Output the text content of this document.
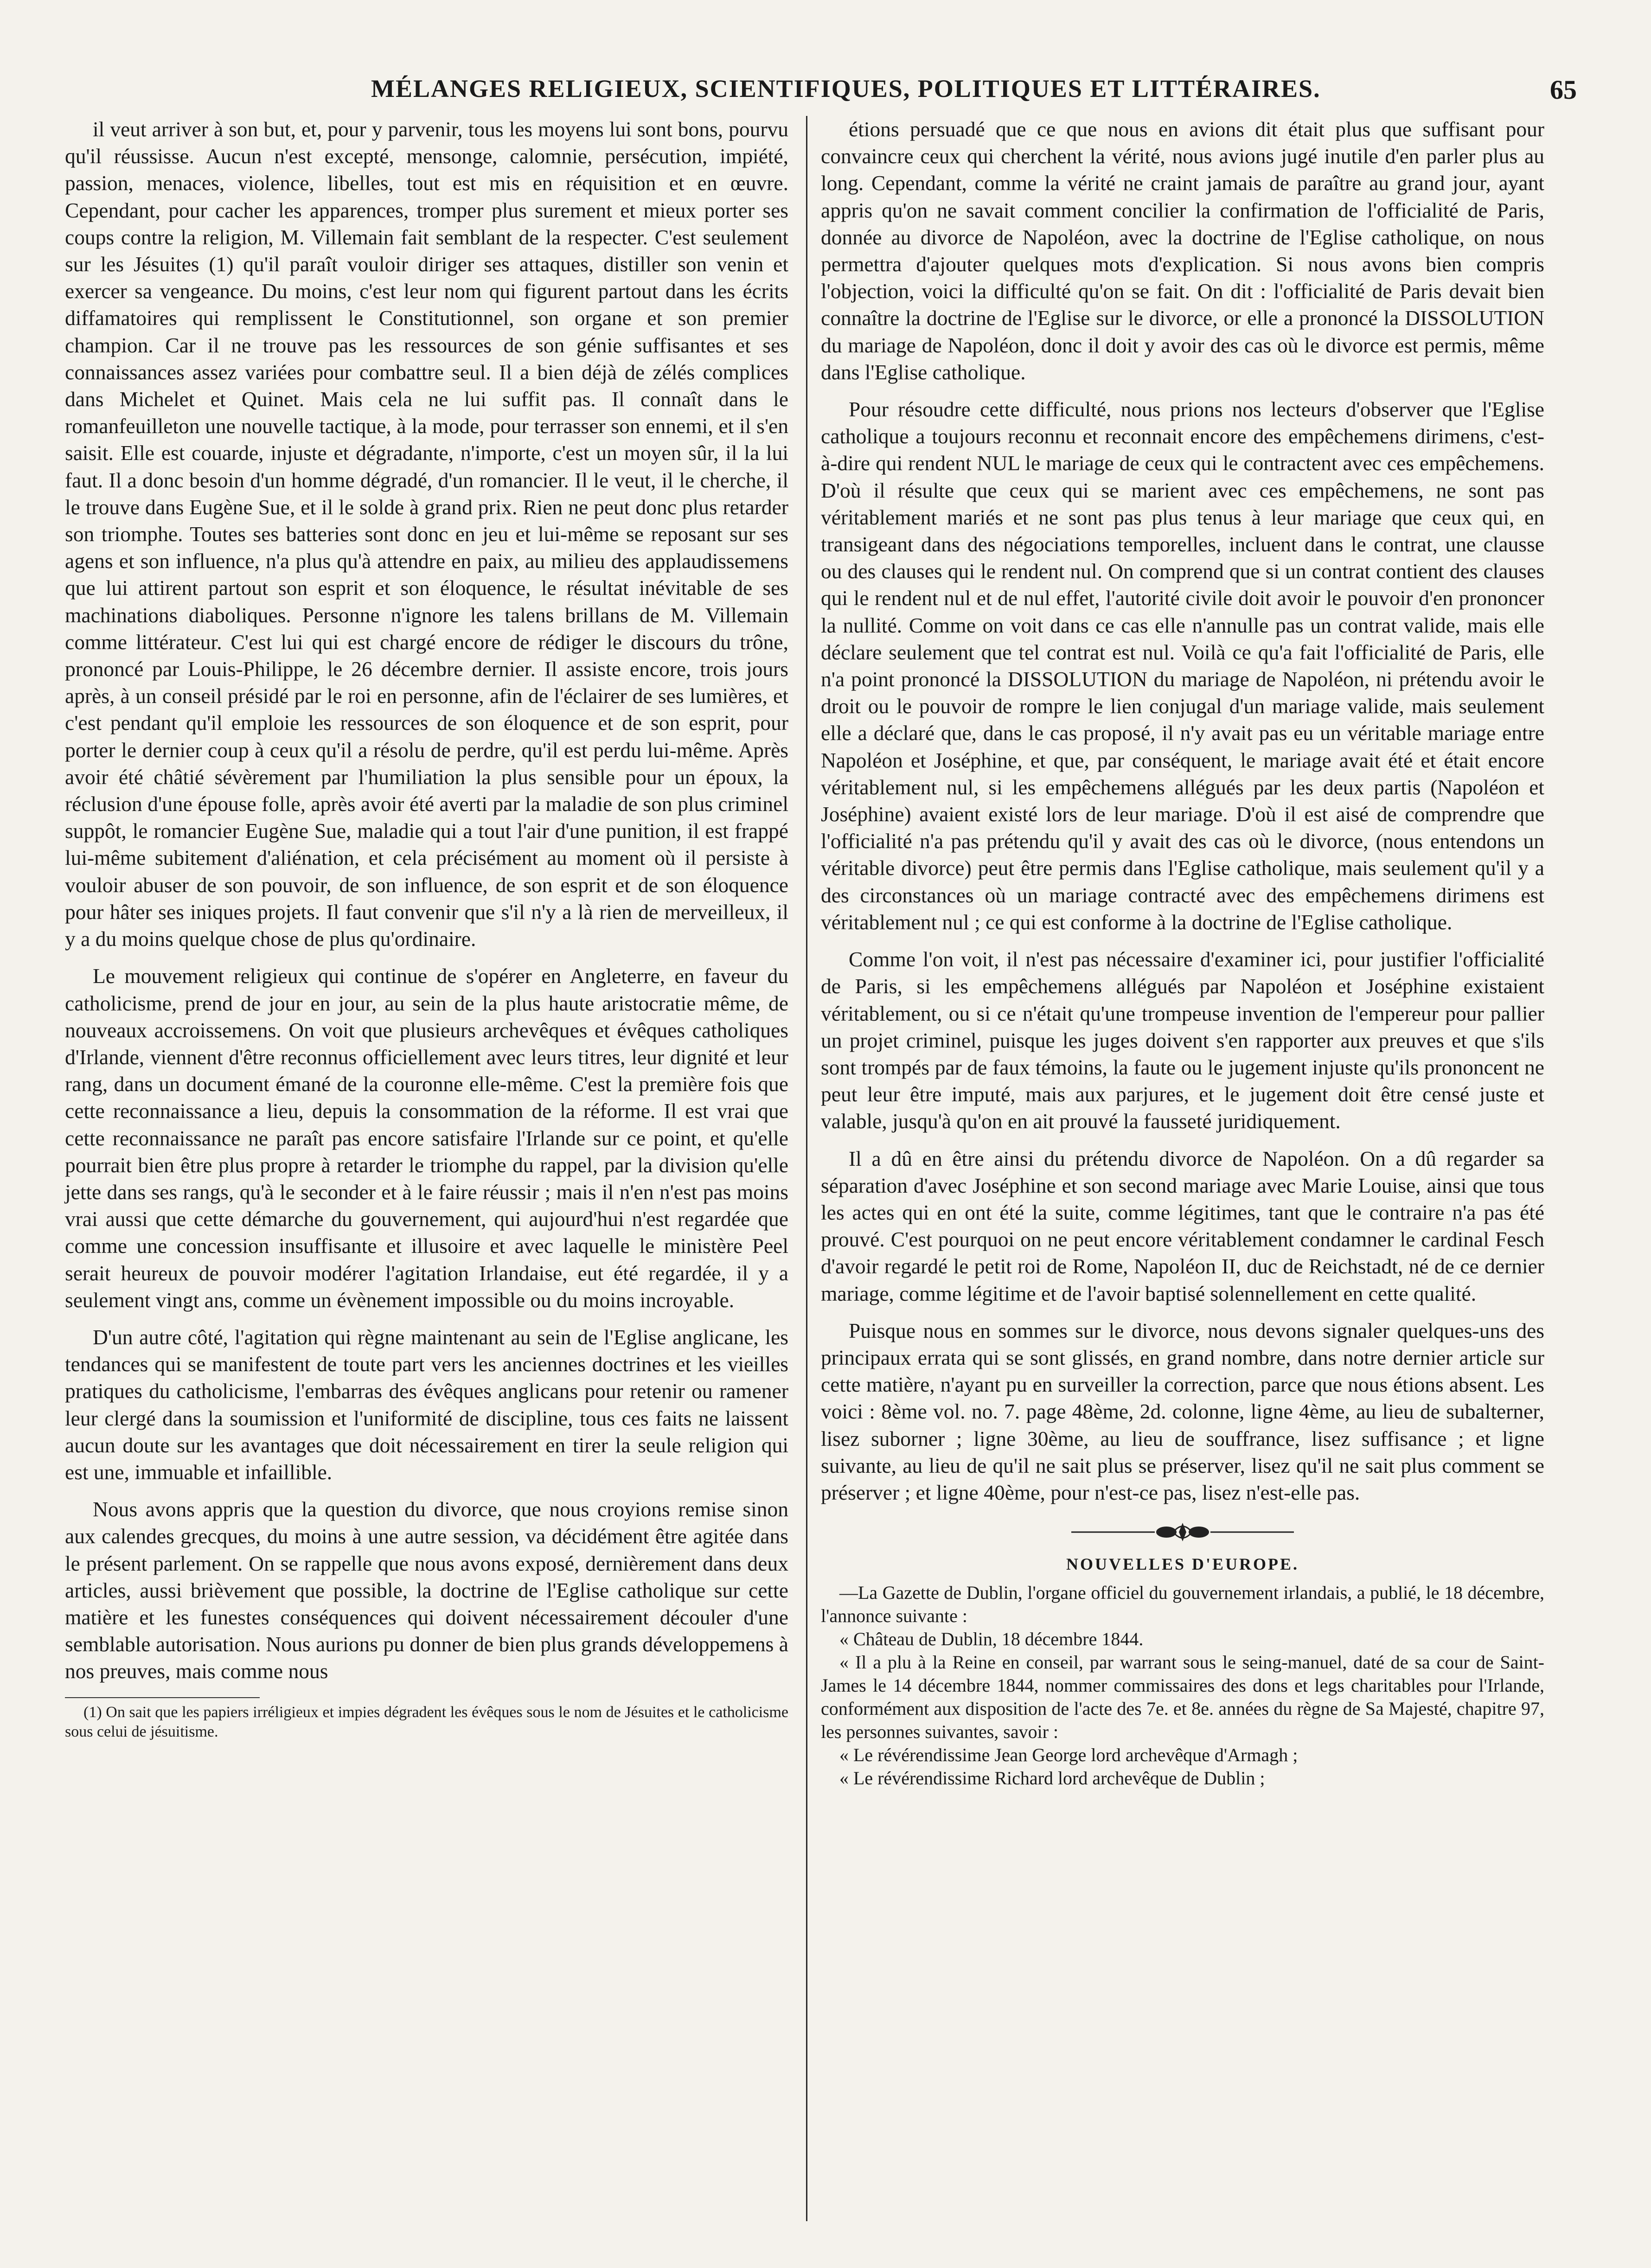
MÉLANGES RELIGIEUX, SCIENTIFIQUES, POLITIQUES ET LITTÉRAIRES.	65

il veut arriver à son but, et, pour y parvenir, tous les moyens lui sont bons, pourvu qu'il réussisse. Aucun n'est excepté, mensonge, calomnie, persécution, impiété, passion, menaces, violence, libelles, tout est mis en réquisition et en œuvre. Cependant, pour cacher les apparences, tromper plus surement et mieux porter ses coups contre la religion, M. Villemain fait semblant de la respecter. C'est seulement sur les Jésuites (1) qu'il paraît vouloir diriger ses attaques, distiller son venin et exercer sa vengeance. Du moins, c'est leur nom qui figurent partout dans les écrits diffamatoires qui remplissent le Constitutionnel, son organe et son premier champion. Car il ne trouve pas les ressources de son génie suffisantes et ses connaissances assez variées pour combattre seul. Il a bien déjà de zélés complices dans Michelet et Quinet. Mais cela ne lui suffit pas. Il connaît dans le romanfeuilleton une nouvelle tactique, à la mode, pour terrasser son ennemi, et il s'en saisit. Elle est couarde, injuste et dégradante, n'importe, c'est un moyen sûr, il la lui faut. Il a donc besoin d'un homme dégradé, d'un romancier. Il le veut, il le cherche, il le trouve dans Eugène Sue, et il le solde à grand prix. Rien ne peut donc plus retarder son triomphe. Toutes ses batteries sont donc en jeu et lui-même se reposant sur ses agens et son influence, n'a plus qu'à attendre en paix, au milieu des applaudissemens que lui attirent partout son esprit et son éloquence, le résultat inévitable de ses machinations diaboliques. Personne n'ignore les talens brillans de M. Villemain comme littérateur. C'est lui qui est chargé encore de rédiger le discours du trône, prononcé par Louis-Philippe, le 26 décembre dernier. Il assiste encore, trois jours après, à un conseil présidé par le roi en personne, afin de l'éclairer de ses lumières, et c'est pendant qu'il emploie les ressources de son éloquence et de son esprit, pour porter le dernier coup à ceux qu'il a résolu de perdre, qu'il est perdu lui-même. Après avoir été châtié sévèrement par l'humiliation la plus sensible pour un époux, la réclusion d'une épouse folle, après avoir été averti par la maladie de son plus criminel suppôt, le romancier Eugène Sue, maladie qui a tout l'air d'une punition, il est frappé lui-même subitement d'aliénation, et cela précisément au moment où il persiste à vouloir abuser de son pouvoir, de son influence, de son esprit et de son éloquence pour hâter ses iniques projets. Il faut convenir que s'il n'y a là rien de merveilleux, il y a du moins quelque chose de plus qu'ordinaire.

Le mouvement religieux qui continue de s'opérer en Angleterre, en faveur du catholicisme, prend de jour en jour, au sein de la plus haute aristocratie même, de nouveaux accroissemens. On voit que plusieurs archevêques et évêques catholiques d'Irlande, viennent d'être reconnus officiellement avec leurs titres, leur dignité et leur rang, dans un document émané de la couronne elle-même. C'est la première fois que cette reconnaissance a lieu, depuis la consommation de la réforme. Il est vrai que cette reconnaissance ne paraît pas encore satisfaire l'Irlande sur ce point, et qu'elle pourrait bien être plus propre à retarder le triomphe du rappel, par la division qu'elle jette dans ses rangs, qu'à le seconder et à le faire réussir ; mais il n'en n'est pas moins vrai aussi que cette démarche du gouvernement, qui aujourd'hui n'est regardée que comme une concession insuffisante et illusoire et avec laquelle le ministère Peel serait heureux de pouvoir modérer l'agitation Irlandaise, eut été regardée, il y a seulement vingt ans, comme un évènement impossible ou du moins incroyable.

D'un autre côté, l'agitation qui règne maintenant au sein de l'Eglise anglicane, les tendances qui se manifestent de toute part vers les anciennes doctrines et les vieilles pratiques du catholicisme, l'embarras des évêques anglicans pour retenir ou ramener leur clergé dans la soumission et l'uniformité de discipline, tous ces faits ne laissent aucun doute sur les avantages que doit nécessairement en tirer la seule religion qui est une, immuable et infaillible.

Nous avons appris que la question du divorce, que nous croyions remise sinon aux calendes grecques, du moins à une autre session, va décidément être agitée dans le présent parlement. On se rappelle que nous avons exposé, dernièrement dans deux articles, aussi brièvement que possible, la doctrine de l'Eglise catholique sur cette matière et les funestes conséquences qui doivent nécessairement découler d'une semblable autorisation. Nous aurions pu donner de bien plus grands développemens à nos preuves, mais comme nous

(1) On sait que les papiers irréligieux et impies dégradent les évêques sous le nom de Jésuites et le catholicisme sous celui de jésuitisme.

étions persuadé que ce que nous en avions dit était plus que suffisant pour convaincre ceux qui cherchent la vérité, nous avions jugé inutile d'en parler plus au long. Cependant, comme la vérité ne craint jamais de paraître au grand jour, ayant appris qu'on ne savait comment concilier la confirmation de l'officialité de Paris, donnée au divorce de Napoléon, avec la doctrine de l'Eglise catholique, on nous permettra d'ajouter quelques mots d'explication. Si nous avons bien compris l'objection, voici la difficulté qu'on se fait. On dit : l'officialité de Paris devait bien connaître la doctrine de l'Eglise sur le divorce, or elle a prononcé la DISSOLUTION du mariage de Napoléon, donc il doit y avoir des cas où le divorce est permis, même dans l'Eglise catholique.

Pour résoudre cette difficulté, nous prions nos lecteurs d'observer que l'Eglise catholique a toujours reconnu et reconnait encore des empêchemens dirimens, c'est-à-dire qui rendent NUL le mariage de ceux qui le contractent avec ces empêchemens. D'où il résulte que ceux qui se marient avec ces empêchemens, ne sont pas véritablement mariés et ne sont pas plus tenus à leur mariage que ceux qui, en transigeant dans des négociations temporelles, incluent dans le contrat, une clausse ou des clauses qui le rendent nul. On comprend que si un contrat contient des clauses qui le rendent nul et de nul effet, l'autorité civile doit avoir le pouvoir d'en prononcer la nullité. Comme on voit dans ce cas elle n'annulle pas un contrat valide, mais elle déclare seulement que tel contrat est nul. Voilà ce qu'a fait l'officialité de Paris, elle n'a point prononcé la DISSOLUTION du mariage de Napoléon, ni prétendu avoir le droit ou le pouvoir de rompre le lien conjugal d'un mariage valide, mais seulement elle a déclaré que, dans le cas proposé, il n'y avait pas eu un véritable mariage entre Napoléon et Joséphine, et que, par conséquent, le mariage avait été et était encore véritablement nul, si les empêchemens allégués par les deux partis (Napoléon et Joséphine) avaient existé lors de leur mariage. D'où il est aisé de comprendre que l'officialité n'a pas prétendu qu'il y avait des cas où le divorce, (nous entendons un véritable divorce) peut être permis dans l'Eglise catholique, mais seulement qu'il y a des circonstances où un mariage contracté avec des empêchemens dirimens est véritablement nul ; ce qui est conforme à la doctrine de l'Eglise catholique.

Comme l'on voit, il n'est pas nécessaire d'examiner ici, pour justifier l'officialité de Paris, si les empêchemens allégués par Napoléon et Joséphine existaient véritablement, ou si ce n'était qu'une trompeuse invention de l'empereur pour pallier un projet criminel, puisque les juges doivent s'en rapporter aux preuves et que s'ils sont trompés par de faux témoins, la faute ou le jugement injuste qu'ils prononcent ne peut leur être imputé, mais aux parjures, et le jugement doit être censé juste et valable, jusqu'à qu'on en ait prouvé la fausseté juridiquement.

Il a dû en être ainsi du prétendu divorce de Napoléon. On a dû regarder sa séparation d'avec Joséphine et son second mariage avec Marie Louise, ainsi que tous les actes qui en ont été la suite, comme légitimes, tant que le contraire n'a pas été prouvé. C'est pourquoi on ne peut encore véritablement condamner le cardinal Fesch d'avoir regardé le petit roi de Rome, Napoléon II, duc de Reichstadt, né de ce dernier mariage, comme légitime et de l'avoir baptisé solennellement en cette qualité.

Puisque nous en sommes sur le divorce, nous devons signaler quelques-uns des principaux errata qui se sont glissés, en grand nombre, dans notre dernier article sur cette matière, n'ayant pu en surveiller la correction, parce que nous étions absent. Les voici : 8ème vol. no. 7. page 48ème, 2d. colonne, ligne 4ème, au lieu de subalterner, lisez suborner ; ligne 30ème, au lieu de souffrance, lisez suffisance ; et ligne suivante, au lieu de qu'il ne sait plus se préserver, lisez qu'il ne sait plus comment se préserver ; et ligne 40ème, pour n'est-ce pas, lisez n'est-elle pas.

NOUVELLES D'EUROPE.

—La Gazette de Dublin, l'organe officiel du gouvernement irlandais, a publié, le 18 décembre, l'annonce suivante :

« Château de Dublin, 18 décembre 1844.

« Il a plu à la Reine en conseil, par warrant sous le seing-manuel, daté de sa cour de Saint-James le 14 décembre 1844, nommer commissaires des dons et legs charitables pour l'Irlande, conformément aux disposition de l'acte des 7e. et 8e. années du règne de Sa Majesté, chapitre 97, les personnes suivantes, savoir :

« Le révérendissime Jean George lord archevêque d'Armagh ;

« Le révérendissime Richard lord archevêque de Dublin ;
